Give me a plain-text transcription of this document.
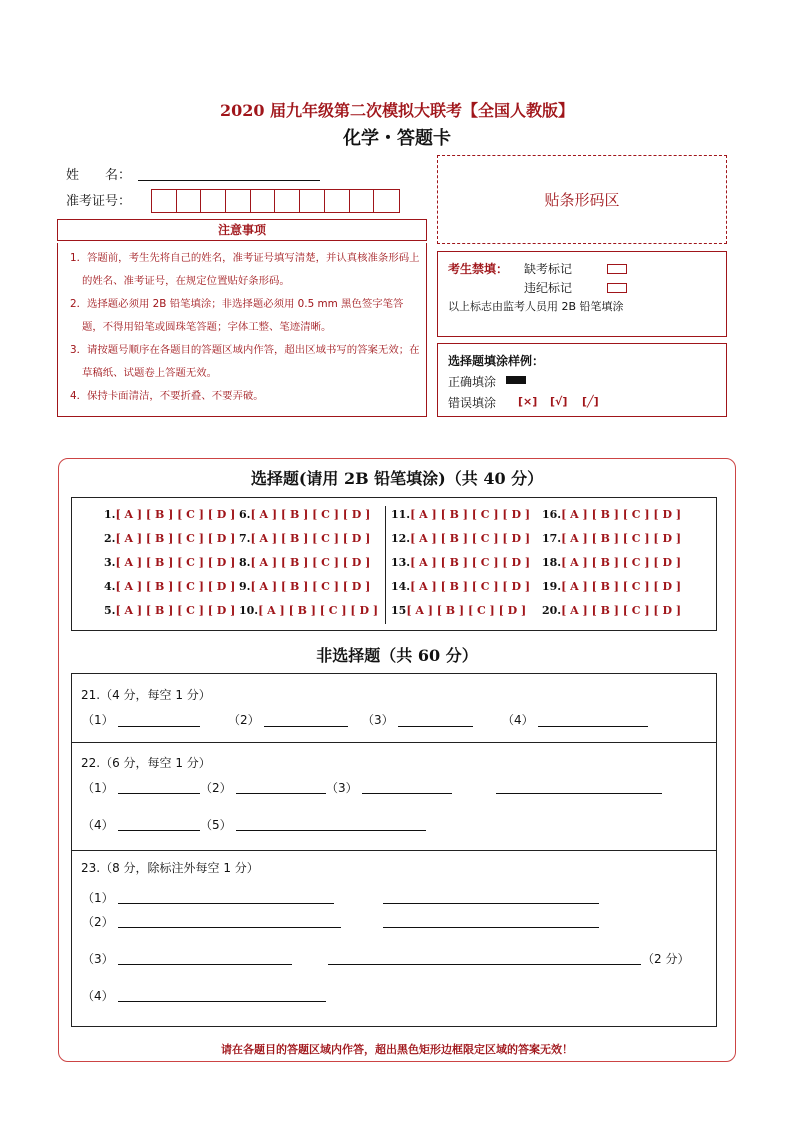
2020 届九年级第二次模拟大联考【全国人教版】
化学・答题卡
姓　　名：
准考证号：	贴条形码区
注意事项
1．答题前，考生先将自己的姓名，准考证号填写清楚，并认真核准条形码上的姓名、准考证号，在规定位置贴好条形码。
2．选择题必须用 2B 铅笔填涂；非选择题必须用 0.5 mm 黑色签字笔答题，不得用铅笔或圆珠笔答题；字体工整、笔迹清晰。
3．请按题号顺序在各题目的答题区域内作答，超出区域书写的答案无效；在草稿纸、试题卷上答题无效。
4．保持卡面清洁，不要折叠、不要弄破。
考生禁填： 缺考标记
违纪标记
以上标志由监考人员用 2B 铅笔填涂
选择题填涂样例：
正确填涂
错误填涂 [×] [√] [╱]
选择题(请用 2B 铅笔填涂)（共 40 分）
1.[ A ] [ B ] [ C ] [ D ]
2.[ A ] [ B ] [ C ] [ D ]
3.[ A ] [ B ] [ C ] [ D ]
4.[ A ] [ B ] [ C ] [ D ]
5.[ A ] [ B ] [ C ] [ D ]
6.[ A ] [ B ] [ C ] [ D ]
7.[ A ] [ B ] [ C ] [ D ]
8.[ A ] [ B ] [ C ] [ D ]
9.[ A ] [ B ] [ C ] [ D ]
10.[ A ] [ B ] [ C ] [ D ]
11.[ A ] [ B ] [ C ] [ D ]
12.[ A ] [ B ] [ C ] [ D ]
13.[ A ] [ B ] [ C ] [ D ]
14.[ A ] [ B ] [ C ] [ D ]
15[ A ] [ B ] [ C ] [ D ]
16.[ A ] [ B ] [ C ] [ D ]
17.[ A ] [ B ] [ C ] [ D ]
18.[ A ] [ B ] [ C ] [ D ]
19.[ A ] [ B ] [ C ] [ D ]
20.[ A ] [ B ] [ C ] [ D ]
非选择题（共 60 分）
21.（4 分，每空 1 分）
（1）	（2）	（3）	（4）
22.（6 分，每空 1 分）
（1）	（2）	（3）
（4）	（5）
23.（8 分，除标注外每空 1 分）
（1）
（2）
（3）	（2 分）
（4）
请在各题目的答题区域内作答，超出黑色矩形边框限定区域的答案无效！
